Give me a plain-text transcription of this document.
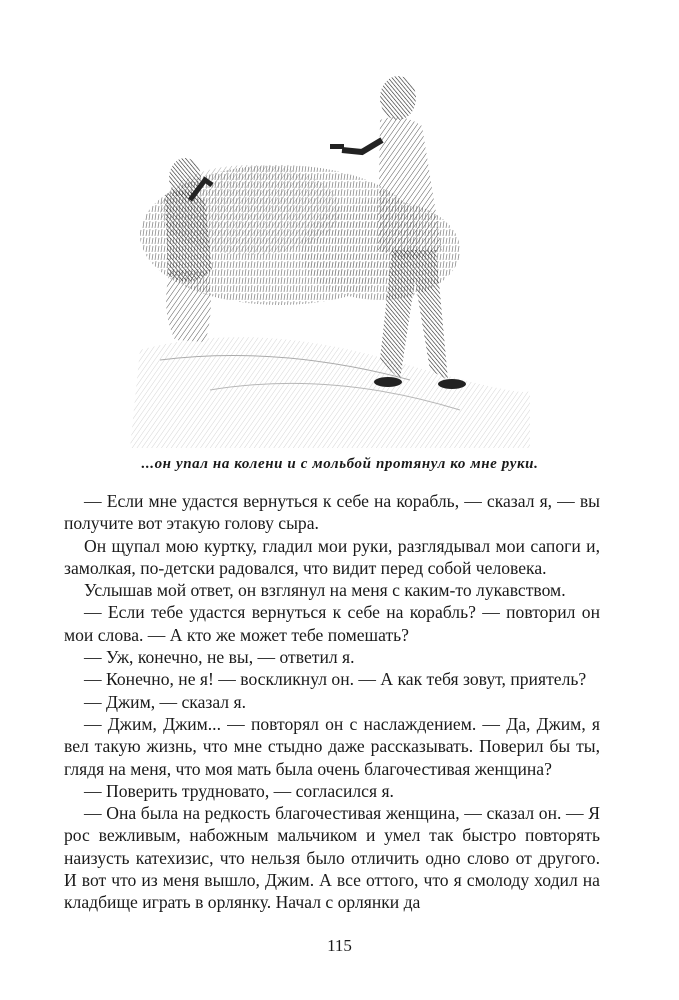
...он упал на колени и с мольбой протянул ко мне руки.

— Если мне удастся вернуться к себе на корабль, — сказал я, — вы получите вот этакую голову сыра.

Он щупал мою куртку, гладил мои руки, разглядывал мои сапоги и, замолкая, по-детски радовался, что видит перед собой человека.

Услышав мой ответ, он взглянул на меня с каким-то лукавством.

— Если тебе удастся вернуться к себе на корабль? — повторил он мои слова. — А кто же может тебе помешать?

— Уж, конечно, не вы, — ответил я.

— Конечно, не я! — воскликнул он. — А как тебя зовут, приятель?

— Джим, — сказал я.

— Джим, Джим... — повторял он с наслаждением. — Да, Джим, я вел такую жизнь, что мне стыдно даже рассказывать. Поверил бы ты, глядя на меня, что моя мать была очень благочестивая женщина?

— Поверить трудновато, — согласился я.

— Она была на редкость благочестивая женщина, — сказал он. — Я рос вежливым, набожным мальчиком и умел так быстро повторять наизусть катехизис, что нельзя было отличить одно слово от другого. И вот что из меня вышло, Джим. А все оттого, что я смолоду ходил на кладбище играть в орлянку. Начал с орлянки да

115
